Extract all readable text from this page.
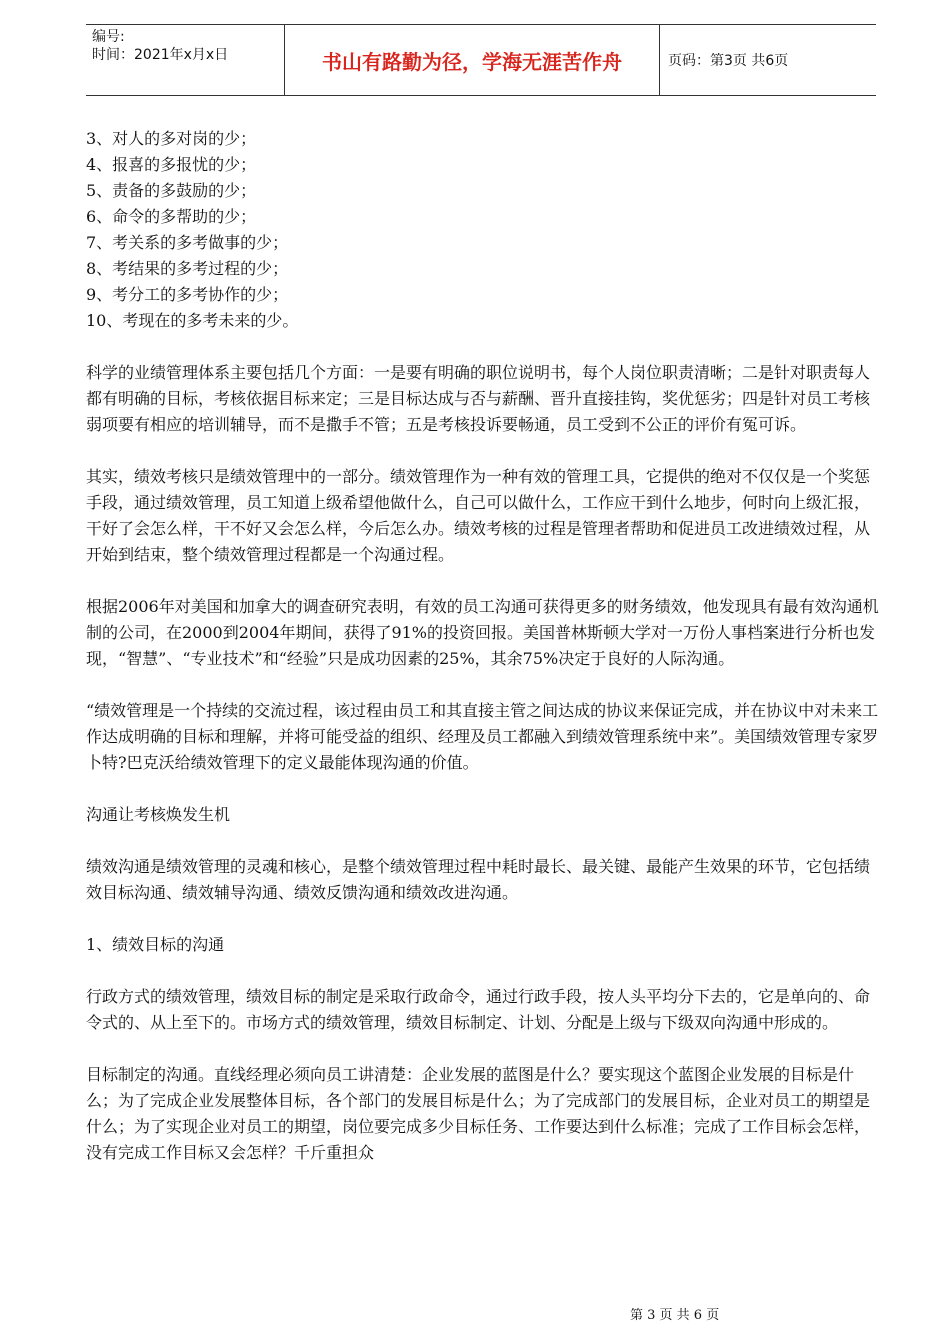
编号:
时间：2021年x月x日	书山有路勤为径，学海无涯苦作舟	页码：第3页 共6页
3、对人的多对岗的少；
4、报喜的多报忧的少；
5、责备的多鼓励的少；
6、命令的多帮助的少；
7、考关系的多考做事的少；
8、考结果的多考过程的少；
9、考分工的多考协作的少；
10、考现在的多考未来的少。

科学的业绩管理体系主要包括几个方面：一是要有明确的职位说明书，每个人岗位职责清晰；二是针对职责每人都有明确的目标，考核依据目标来定；三是目标达成与否与薪酬、晋升直接挂钩，奖优惩劣；四是针对员工考核弱项要有相应的培训辅导，而不是撒手不管；五是考核投诉要畅通，员工受到不公正的评价有冤可诉。

其实，绩效考核只是绩效管理中的一部分。绩效管理作为一种有效的管理工具，它提供的绝对不仅仅是一个奖惩手段，通过绩效管理，员工知道上级希望他做什么，自己可以做什么，工作应干到什么地步，何时向上级汇报，干好了会怎么样，干不好又会怎么样，今后怎么办。绩效考核的过程是管理者帮助和促进员工改进绩效过程，从开始到结束，整个绩效管理过程都是一个沟通过程。

根据2006年对美国和加拿大的调查研究表明，有效的员工沟通可获得更多的财务绩效，他发现具有最有效沟通机制的公司，在2000到2004年期间，获得了91%的投资回报。美国普林斯顿大学对一万份人事档案进行分析也发现，“智慧”、“专业技术”和“经验”只是成功因素的25%，其余75%决定于良好的人际沟通。

“绩效管理是一个持续的交流过程，该过程由员工和其直接主管之间达成的协议来保证完成，并在协议中对未来工作达成明确的目标和理解，并将可能受益的组织、经理及员工都融入到绩效管理系统中来”。美国绩效管理专家罗卜特?巴克沃给绩效管理下的定义最能体现沟通的价值。

沟通让考核焕发生机

绩效沟通是绩效管理的灵魂和核心，是整个绩效管理过程中耗时最长、最关键、最能产生效果的环节，它包括绩效目标沟通、绩效辅导沟通、绩效反馈沟通和绩效改进沟通。

1、绩效目标的沟通

行政方式的绩效管理，绩效目标的制定是采取行政命令，通过行政手段，按人头平均分下去的，它是单向的、命令式的、从上至下的。市场方式的绩效管理，绩效目标制定、计划、分配是上级与下级双向沟通中形成的。

目标制定的沟通。直线经理必须向员工讲清楚：企业发展的蓝图是什么？要实现这个蓝图企业发展的目标是什么；为了完成企业发展整体目标，各个部门的发展目标是什么；为了完成部门的发展目标，企业对员工的期望是什么；为了实现企业对员工的期望，岗位要完成多少目标任务、工作要达到什么标准；完成了工作目标会怎样，没有完成工作目标又会怎样？千斤重担众

第 3 页 共 6 页
